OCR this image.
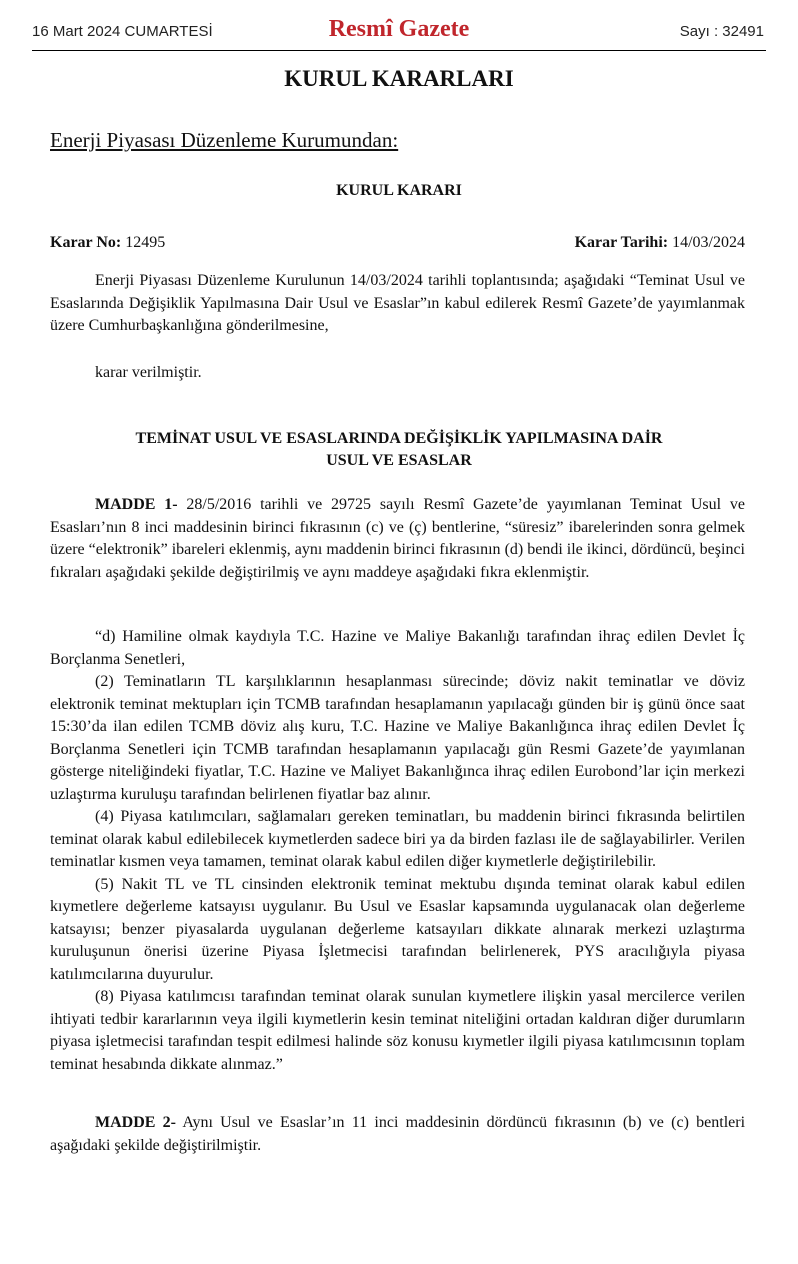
16 Mart 2024 CUMARTESİ	Resmî Gazete	Sayı : 32491
KURUL KARARLARI
Enerji Piyasası Düzenleme Kurumundan:
KURUL KARARI
Karar No: 12495	Karar Tarihi: 14/03/2024

Enerji Piyasası Düzenleme Kurulunun 14/03/2024 tarihli toplantısında; aşağıdaki “Teminat Usul ve Esaslarında Değişiklik Yapılmasına Dair Usul ve Esaslar”ın kabul edilerek Resmî Gazete’de yayımlanmak üzere Cumhurbaşkanlığına gönderilmesine,

karar verilmiştir.

TEMİNAT USUL VE ESASLARINDA DEĞİŞİKLİK YAPILMASINA DAİR
USUL VE ESASLAR

MADDE 1- 28/5/2016 tarihli ve 29725 sayılı Resmî Gazete’de yayımlanan Teminat Usul ve Esasları’nın 8 inci maddesinin birinci fıkrasının (c) ve (ç) bentlerine, “süresiz” ibarelerinden sonra gelmek üzere “elektronik” ibareleri eklenmiş, aynı maddenin birinci fıkrasının (d) bendi ile ikinci, dördüncü, beşinci fıkraları aşağıdaki şekilde değiştirilmiş ve aynı maddeye aşağıdaki fıkra eklenmiştir.

“d) Hamiline olmak kaydıyla T.C. Hazine ve Maliye Bakanlığı tarafından ihraç edilen Devlet İç Borçlanma Senetleri,

(2) Teminatların TL karşılıklarının hesaplanması sürecinde; döviz nakit teminatlar ve döviz elektronik teminat mektupları için TCMB tarafından hesaplamanın yapılacağı günden bir iş günü önce saat 15:30’da ilan edilen TCMB döviz alış kuru, T.C. Hazine ve Maliye Bakanlığınca ihraç edilen Devlet İç Borçlanma Senetleri için TCMB tarafından hesaplamanın yapılacağı gün Resmi Gazete’de yayımlanan gösterge niteliğindeki fiyatlar, T.C. Hazine ve Maliyet Bakanlığınca ihraç edilen Eurobond’lar için merkezi uzlaştırma kuruluşu tarafından belirlenen fiyatlar baz alınır.

(4) Piyasa katılımcıları, sağlamaları gereken teminatları, bu maddenin birinci fıkrasında belirtilen teminat olarak kabul edilebilecek kıymetlerden sadece biri ya da birden fazlası ile de sağlayabilirler. Verilen teminatlar kısmen veya tamamen, teminat olarak kabul edilen diğer kıymetlerle değiştirilebilir.

(5) Nakit TL ve TL cinsinden elektronik teminat mektubu dışında teminat olarak kabul edilen kıymetlere değerleme katsayısı uygulanır. Bu Usul ve Esaslar kapsamında uygulanacak olan değerleme katsayısı; benzer piyasalarda uygulanan değerleme katsayıları dikkate alınarak merkezi uzlaştırma kuruluşunun önerisi üzerine Piyasa İşletmecisi tarafından belirlenerek, PYS aracılığıyla piyasa katılımcılarına duyurulur.

(8) Piyasa katılımcısı tarafından teminat olarak sunulan kıymetlere ilişkin yasal mercilerce verilen ihtiyati tedbir kararlarının veya ilgili kıymetlerin kesin teminat niteliğini ortadan kaldıran diğer durumların piyasa işletmecisi tarafından tespit edilmesi halinde söz konusu kıymetler ilgili piyasa katılımcısının toplam teminat hesabında dikkate alınmaz.”

MADDE 2- Aynı Usul ve Esaslar’ın 11 inci maddesinin dördüncü fıkrasının (b) ve (c) bentleri aşağıdaki şekilde değiştirilmiştir.
